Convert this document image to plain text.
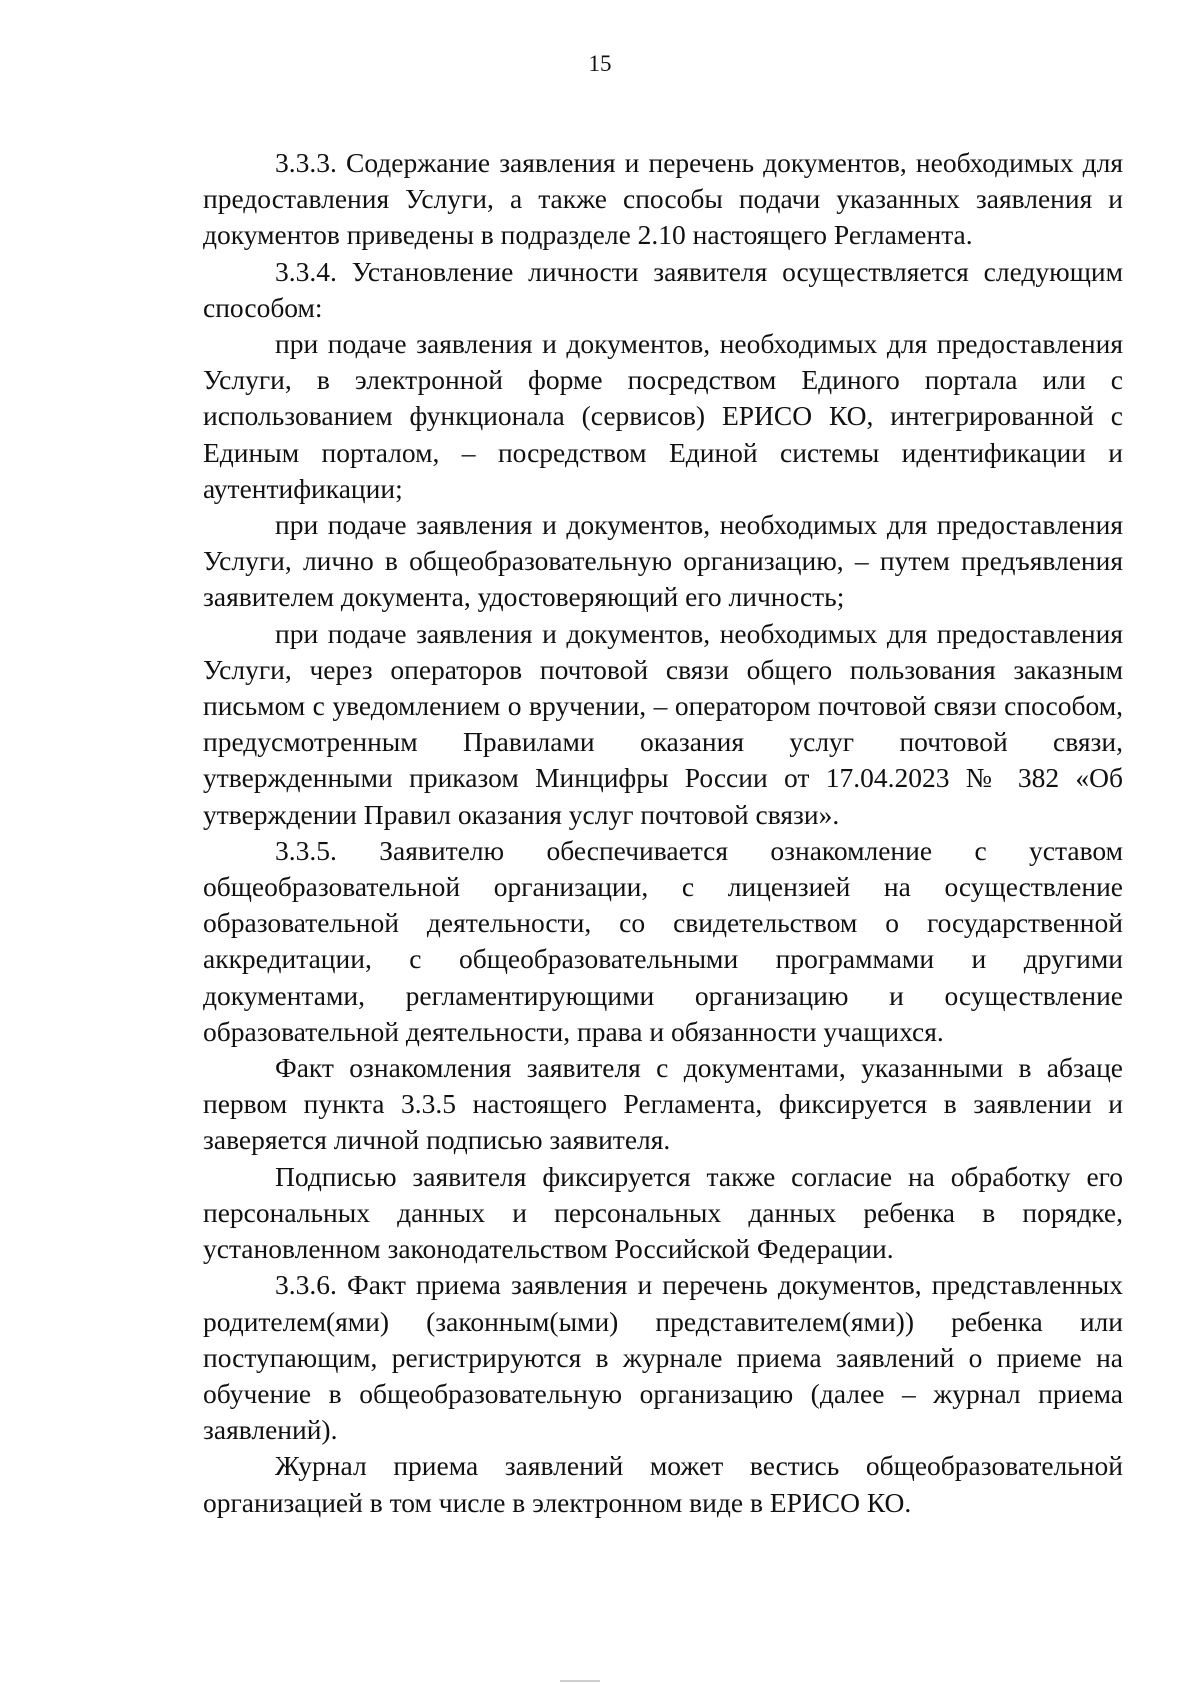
15

3.3.3. Содержание заявления и перечень документов, необходимых для предоставления Услуги, а также способы подачи указанных заявления и документов приведены в подразделе 2.10 настоящего Регламента.

3.3.4. Установление личности заявителя осуществляется следующим способом:

при подаче заявления и документов, необходимых для предоставления Услуги, в электронной форме посредством Единого портала или с использованием функционала (сервисов) ЕРИСО КО, интегрированной с Единым порталом, – посредством Единой системы идентификации и аутентификации;

при подаче заявления и документов, необходимых для предоставления Услуги, лично в общеобразовательную организацию, – путем предъявления заявителем документа, удостоверяющий его личность;

при подаче заявления и документов, необходимых для предоставления Услуги, через операторов почтовой связи общего пользования заказным письмом с уведомлением о вручении, – оператором почтовой связи способом, предусмотренным Правилами оказания услуг почтовой связи, утвержденными приказом Минцифры России от 17.04.2023 № 382 «Об утверждении Правил оказания услуг почтовой связи».

3.3.5. Заявителю обеспечивается ознакомление с уставом общеобразовательной организации, с лицензией на осуществление образовательной деятельности, со свидетельством о государственной аккредитации, с общеобразовательными программами и другими документами, регламентирующими организацию и осуществление образовательной деятельности, права и обязанности учащихся.

Факт ознакомления заявителя с документами, указанными в абзаце первом пункта 3.3.5 настоящего Регламента, фиксируется в заявлении и заверяется личной подписью заявителя.

Подписью заявителя фиксируется также согласие на обработку его персональных данных и персональных данных ребенка в порядке, установленном законодательством Российской Федерации.

3.3.6. Факт приема заявления и перечень документов, представленных родителем(ями) (законным(ыми) представителем(ями)) ребенка или поступающим, регистрируются в журнале приема заявлений о приеме на обучение в общеобразовательную организацию (далее – журнал приема заявлений).

Журнал приема заявлений может вестись общеобразовательной организацией в том числе в электронном виде в ЕРИСО КО.
